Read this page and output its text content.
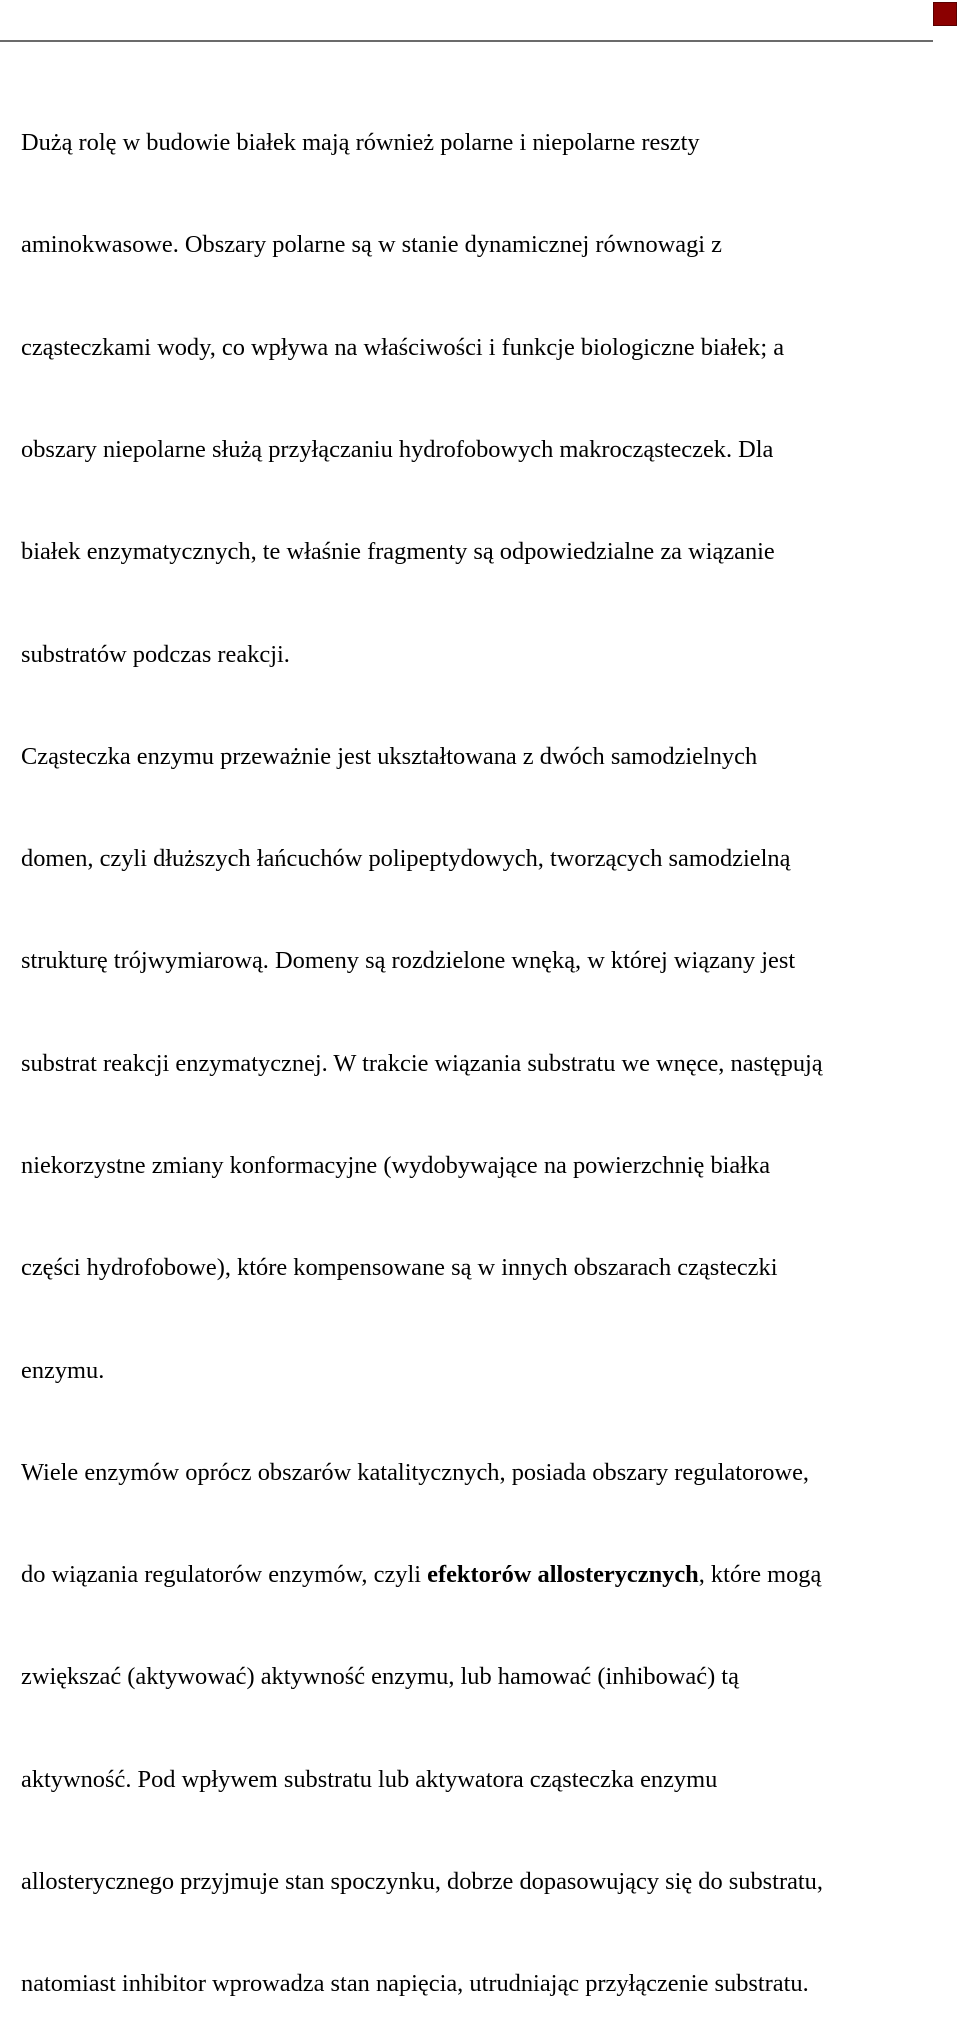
Dużą rolę w budowie białek mają również polarne i niepolarne reszty

aminokwasowe. Obszary polarne są w stanie dynamicznej równowagi z

cząsteczkami wody, co wpływa na właściwości i funkcje biologiczne białek; a

obszary niepolarne służą przyłączaniu hydrofobowych makrocząsteczek. Dla

białek enzymatycznych, te właśnie fragmenty są odpowiedzialne za wiązanie

substratów podczas reakcji.

Cząsteczka enzymu przeważnie jest ukształtowana z dwóch samodzielnych

domen, czyli dłuższych łańcuchów polipeptydowych, tworzących samodzielną

strukturę trójwymiarową. Domeny są rozdzielone wnęką, w której wiązany jest

substrat reakcji enzymatycznej. W trakcie wiązania substratu we wnęce, następują

niekorzystne zmiany konformacyjne (wydobywające na powierzchnię białka

części hydrofobowe), które kompensowane są w innych obszarach cząsteczki

enzymu.

Wiele enzymów oprócz obszarów katalitycznych, posiada obszary regulatorowe,

do wiązania regulatorów enzymów, czyli efektorów allosterycznych, które mogą

zwiększać (aktywować) aktywność enzymu, lub hamować (inhibować) tą

aktywność. Pod wpływem substratu lub aktywatora cząsteczka enzymu

allosterycznego przyjmuje stan spoczynku, dobrze dopasowujący się do substratu,

natomiast inhibitor wprowadza stan napięcia, utrudniając przyłączenie substratu.
